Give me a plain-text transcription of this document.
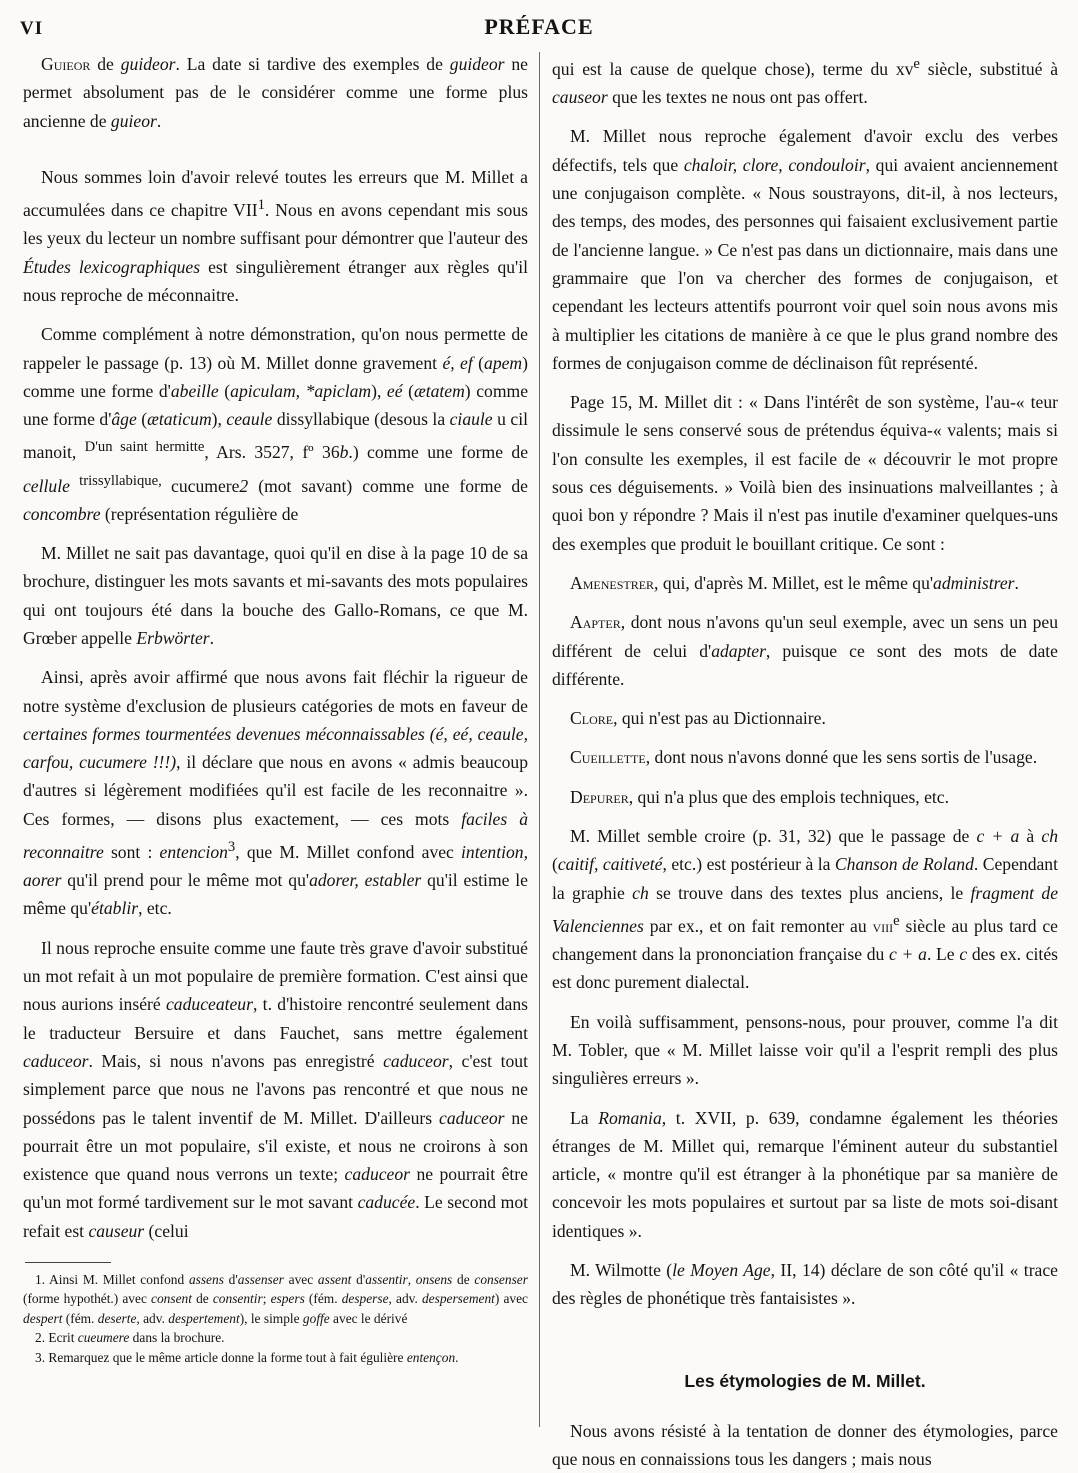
VI	PRÉFACE

Guieor de guideor. La date si tardive des exemples de guideor ne permet absolument pas de le considérer comme une forme plus ancienne de guieor.

Nous sommes loin d'avoir relevé toutes les erreurs que M. Millet a accumulées dans ce chapitre VII$^1$. Nous en avons cependant mis sous les yeux du lecteur un nombre suffisant pour démontrer que l'auteur des Études lexicographiques est singulièrement étranger aux règles qu'il nous reproche de méconnaitre.

Comme complément à notre démonstration, qu'on nous permette de rappeler le passage (p. 13) où M. Millet donne gravement é, ef (apem) comme une forme d'abeille (apiculam, *apiclam), eé (ætatem) comme une forme d'âge (ætaticum), ceaule dissyllabique (desous la ciaule u cil manoit, $^{D'un saint hermitte}$, Ars. 3527, fº 36b.) comme une forme de cellule $^{trissyllabique,}$ cucumere2 (mot savant) comme une forme de concombre (représentation régulière de

M. Millet ne sait pas davantage, quoi qu'il en dise à la page 10 de sa brochure, distinguer les mots savants et mi-savants des mots populaires qui ont toujours été dans la bouche des Gallo-Romans, ce que M. Grœber appelle Erbwörter.

Ainsi, après avoir affirmé que nous avons fait fléchir la rigueur de notre système d'exclusion de plusieurs catégories de mots en faveur de certaines formes tourmentées devenues méconnaissables (é, eé, ceaule, carfou, cucumere !!!), il déclare que nous en avons « admis beaucoup d'autres si légèrement modifiées qu'il est facile de les reconnaitre ». Ces formes, — disons plus exactement, — ces mots faciles à reconnaitre sont : entencion$^3$, que M. Millet confond avec intention, aorer qu'il prend pour le même mot qu'adorer, establer qu'il estime le même qu'établir, etc.

Il nous reproche ensuite comme une faute très grave d'avoir substitué un mot refait à un mot populaire de première formation. C'est ainsi que nous aurions inséré caduceateur, t. d'histoire rencontré seulement dans le traducteur Bersuire et dans Fauchet, sans mettre également caduceor. Mais, si nous n'avons pas enregistré caduceor, c'est tout simplement parce que nous ne l'avons pas rencontré et que nous ne possédons pas le talent inventif de M. Millet. D'ailleurs caduceor ne pourrait être un mot populaire, s'il existe, et nous ne croirons à son existence que quand nous verrons un texte; caduceor ne pourrait être qu'un mot formé tardivement sur le mot savant caducée. Le second mot refait est causeur (celui

1. Ainsi M. Millet confond assens d'assenser avec assent d'assentir, onsens de consenser (forme hypothét.) avec consent de consentir; espers (fém. desperse, adv. despersement) avec despert (fém. deserte, adv. despertement), le simple goffe avec le dérivé

2. Ecrit cueumere dans la brochure.

3. Remarquez que le même article donne la forme tout à fait égulière entençon.

qui est la cause de quelque chose), terme du $xv^e$ siècle, substitué à causeor que les textes ne nous ont pas offert.

M. Millet nous reproche également d'avoir exclu des verbes défectifs, tels que chaloir, clore, condouloir, qui avaient anciennement une conjugaison complète. « Nous soustrayons, dit-il, à nos lecteurs, des temps, des modes, des personnes qui faisaient exclusivement partie de l'ancienne langue. » Ce n'est pas dans un dictionnaire, mais dans une grammaire que l'on va chercher des formes de conjugaison, et cependant les lecteurs attentifs pourront voir quel soin nous avons mis à multiplier les citations de manière à ce que le plus grand nombre des formes de conjugaison comme de déclinaison fût représenté.

Page 15, M. Millet dit : « Dans l'intérêt de son système, l'au-« teur dissimule le sens conservé sous de prétendus équiva-« valents; mais si l'on consulte les exemples, il est facile de « découvrir le mot propre sous ces déguisements. » Voilà bien des insinuations malveillantes ; à quoi bon y répondre ? Mais il n'est pas inutile d'examiner quelques-uns des exemples que produit le bouillant critique. Ce sont :

Amenestrer, qui, d'après M. Millet, est le même qu'administrer.

Aapter, dont nous n'avons qu'un seul exemple, avec un sens un peu différent de celui d'adapter, puisque ce sont des mots de date différente.

Clore, qui n'est pas au Dictionnaire.

Cueillette, dont nous n'avons donné que les sens sortis de l'usage.

Depurer, qui n'a plus que des emplois techniques, etc.

M. Millet semble croire (p. 31, 32) que le passage de c + a à ch (caitif, caitiveté, etc.) est postérieur à la Chanson de Roland. Cependant la graphie ch se trouve dans des textes plus anciens, le fragment de Valenciennes par ex., et on fait remonter au viii$^e$ siècle au plus tard ce changement dans la prononciation française du c + a. Le c des ex. cités est donc purement dialectal.

En voilà suffisamment, pensons-nous, pour prouver, comme l'a dit M. Tobler, que « M. Millet laisse voir qu'il a l'esprit rempli des plus singulières erreurs ».

La Romania, t. XVII, p. 639, condamne également les théories étranges de M. Millet qui, remarque l'éminent auteur du substantiel article, « montre qu'il est étranger à la phonétique par sa manière de concevoir les mots populaires et surtout par sa liste de mots soi-disant identiques ».

M. Wilmotte (le Moyen Age, II, 14) déclare de son côté qu'il « trace des règles de phonétique très fantaisistes ».

Les étymologies de M. Millet.

Nous avons résisté à la tentation de donner des étymologies, parce que nous en connaissions tous les dangers ; mais nous
